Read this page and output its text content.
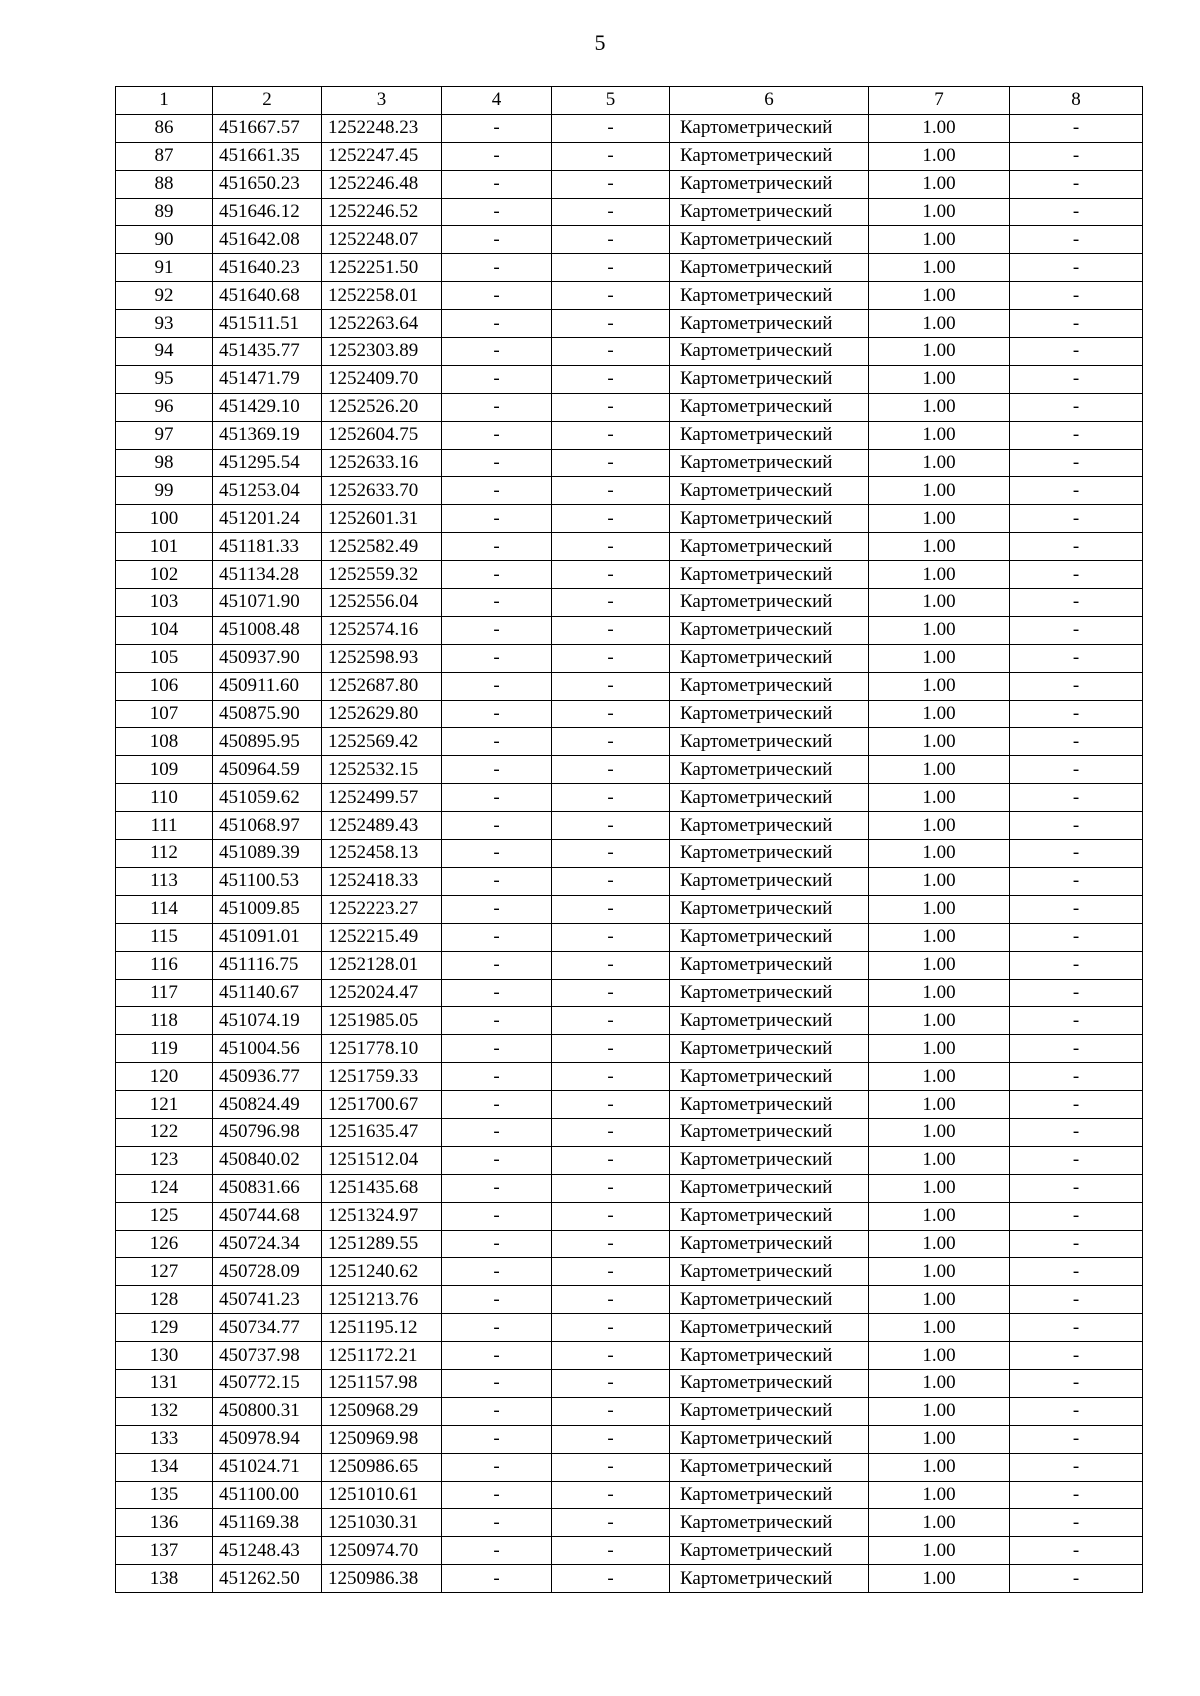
5
1	2	3	4	5	6	7	8
86	451667.57	1252248.23	-	-	Картометрический	1.00	-
87	451661.35	1252247.45	-	-	Картометрический	1.00	-
88	451650.23	1252246.48	-	-	Картометрический	1.00	-
89	451646.12	1252246.52	-	-	Картометрический	1.00	-
90	451642.08	1252248.07	-	-	Картометрический	1.00	-
91	451640.23	1252251.50	-	-	Картометрический	1.00	-
92	451640.68	1252258.01	-	-	Картометрический	1.00	-
93	451511.51	1252263.64	-	-	Картометрический	1.00	-
94	451435.77	1252303.89	-	-	Картометрический	1.00	-
95	451471.79	1252409.70	-	-	Картометрический	1.00	-
96	451429.10	1252526.20	-	-	Картометрический	1.00	-
97	451369.19	1252604.75	-	-	Картометрический	1.00	-
98	451295.54	1252633.16	-	-	Картометрический	1.00	-
99	451253.04	1252633.70	-	-	Картометрический	1.00	-
100	451201.24	1252601.31	-	-	Картометрический	1.00	-
101	451181.33	1252582.49	-	-	Картометрический	1.00	-
102	451134.28	1252559.32	-	-	Картометрический	1.00	-
103	451071.90	1252556.04	-	-	Картометрический	1.00	-
104	451008.48	1252574.16	-	-	Картометрический	1.00	-
105	450937.90	1252598.93	-	-	Картометрический	1.00	-
106	450911.60	1252687.80	-	-	Картометрический	1.00	-
107	450875.90	1252629.80	-	-	Картометрический	1.00	-
108	450895.95	1252569.42	-	-	Картометрический	1.00	-
109	450964.59	1252532.15	-	-	Картометрический	1.00	-
110	451059.62	1252499.57	-	-	Картометрический	1.00	-
111	451068.97	1252489.43	-	-	Картометрический	1.00	-
112	451089.39	1252458.13	-	-	Картометрический	1.00	-
113	451100.53	1252418.33	-	-	Картометрический	1.00	-
114	451009.85	1252223.27	-	-	Картометрический	1.00	-
115	451091.01	1252215.49	-	-	Картометрический	1.00	-
116	451116.75	1252128.01	-	-	Картометрический	1.00	-
117	451140.67	1252024.47	-	-	Картометрический	1.00	-
118	451074.19	1251985.05	-	-	Картометрический	1.00	-
119	451004.56	1251778.10	-	-	Картометрический	1.00	-
120	450936.77	1251759.33	-	-	Картометрический	1.00	-
121	450824.49	1251700.67	-	-	Картометрический	1.00	-
122	450796.98	1251635.47	-	-	Картометрический	1.00	-
123	450840.02	1251512.04	-	-	Картометрический	1.00	-
124	450831.66	1251435.68	-	-	Картометрический	1.00	-
125	450744.68	1251324.97	-	-	Картометрический	1.00	-
126	450724.34	1251289.55	-	-	Картометрический	1.00	-
127	450728.09	1251240.62	-	-	Картометрический	1.00	-
128	450741.23	1251213.76	-	-	Картометрический	1.00	-
129	450734.77	1251195.12	-	-	Картометрический	1.00	-
130	450737.98	1251172.21	-	-	Картометрический	1.00	-
131	450772.15	1251157.98	-	-	Картометрический	1.00	-
132	450800.31	1250968.29	-	-	Картометрический	1.00	-
133	450978.94	1250969.98	-	-	Картометрический	1.00	-
134	451024.71	1250986.65	-	-	Картометрический	1.00	-
135	451100.00	1251010.61	-	-	Картометрический	1.00	-
136	451169.38	1251030.31	-	-	Картометрический	1.00	-
137	451248.43	1250974.70	-	-	Картометрический	1.00	-
138	451262.50	1250986.38	-	-	Картометрический	1.00	-
